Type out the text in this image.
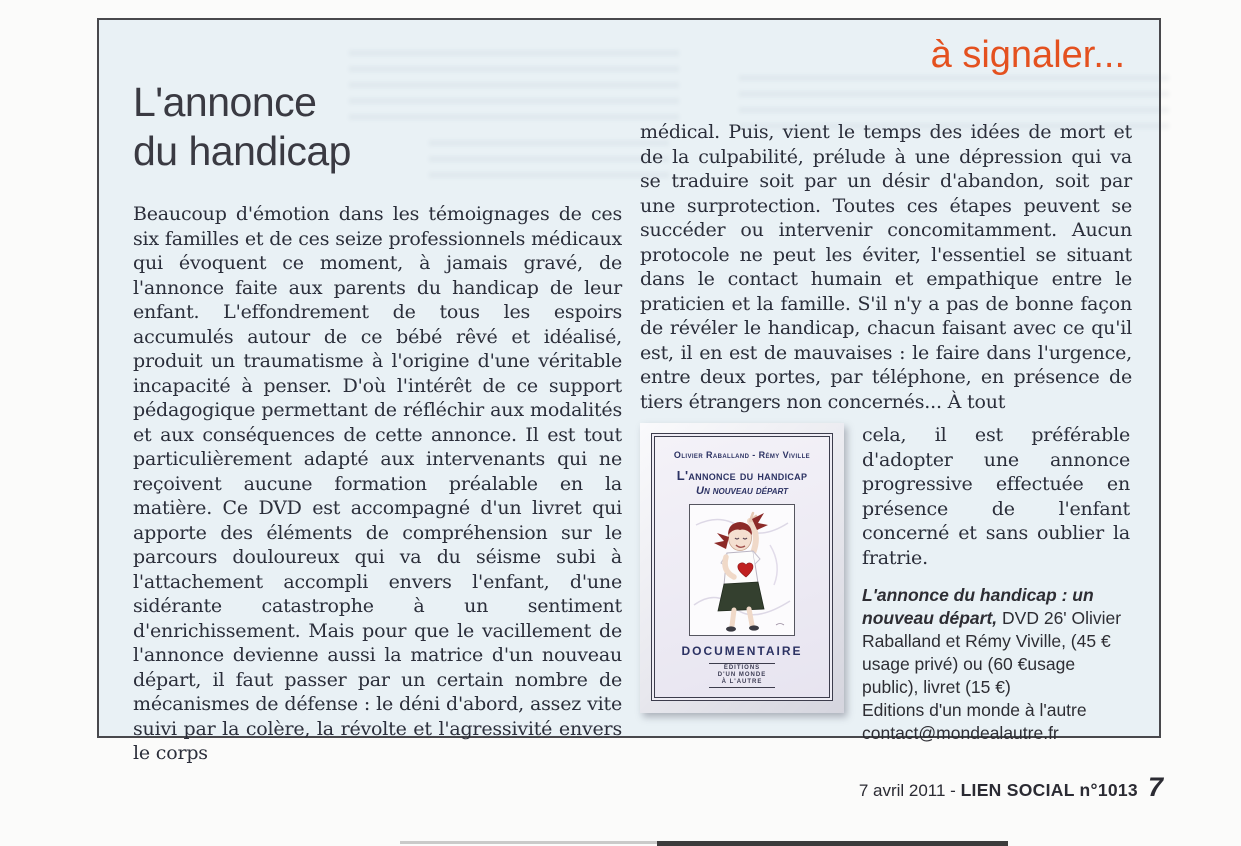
à signaler...
L'annonce
du handicap

Beaucoup d'émotion dans les témoignages de ces six familles et de ces seize professionnels médicaux qui évoquent ce moment, à jamais gravé, de l'annonce faite aux parents du handicap de leur enfant. L'effondrement de tous les espoirs accumulés autour de ce bébé rêvé et idéalisé, produit un traumatisme à l'origine d'une véritable incapacité à penser. D'où l'intérêt de ce support pédagogique permettant de réfléchir aux modalités et aux conséquences de cette annonce. Il est tout particulièrement adapté aux intervenants qui ne reçoivent aucune formation préalable en la matière. Ce DVD est accompagné d'un livret qui apporte des éléments de compréhension sur le parcours douloureux qui va du séisme subi à l'attachement accompli envers l'enfant, d'une sidérante catastrophe à un sentiment d'enrichissement. Mais pour que le vacillement de l'annonce devienne aussi la matrice d'un nouveau départ, il faut passer par un certain nombre de mécanismes de défense : le déni d'abord, assez vite suivi par la colère, la révolte et l'agressivité envers le corps

médical. Puis, vient le temps des idées de mort et de la culpabilité, prélude à une dépression qui va se traduire soit par un désir d'abandon, soit par une surprotection. Toutes ces étapes peuvent se succéder ou intervenir concomitamment. Aucun protocole ne peut les éviter, l'essentiel se situant dans le contact humain et empathique entre le praticien et la famille. S'il n'y a pas de bonne façon de révéler le handicap, chacun faisant avec ce qu'il est, il en est de mauvaises : le faire dans l'urgence, entre deux portes, par téléphone, en présence de tiers étrangers non concernés... À tout

Olivier Raballand - Rémy Viville
L'annonce du handicap
Un nouveau départ
DOCUMENTAIRE
ÉDITIONS
D'UN MONDE
À L'AUTRE

cela, il est préférable d'adopter une annonce progressive effectuée en présence de l'enfant concerné et sans oublier la fratrie.

L'annonce du handicap : un nouveau départ, DVD 26' Olivier Raballand et Rémy Viville, (45 € usage privé) ou (60 €usage public), livret (15 €)

Editions d'un monde à l'autre
contact@mondealautre.fr
7 avril 2011 - LIEN SOCIAL n°1013 7
